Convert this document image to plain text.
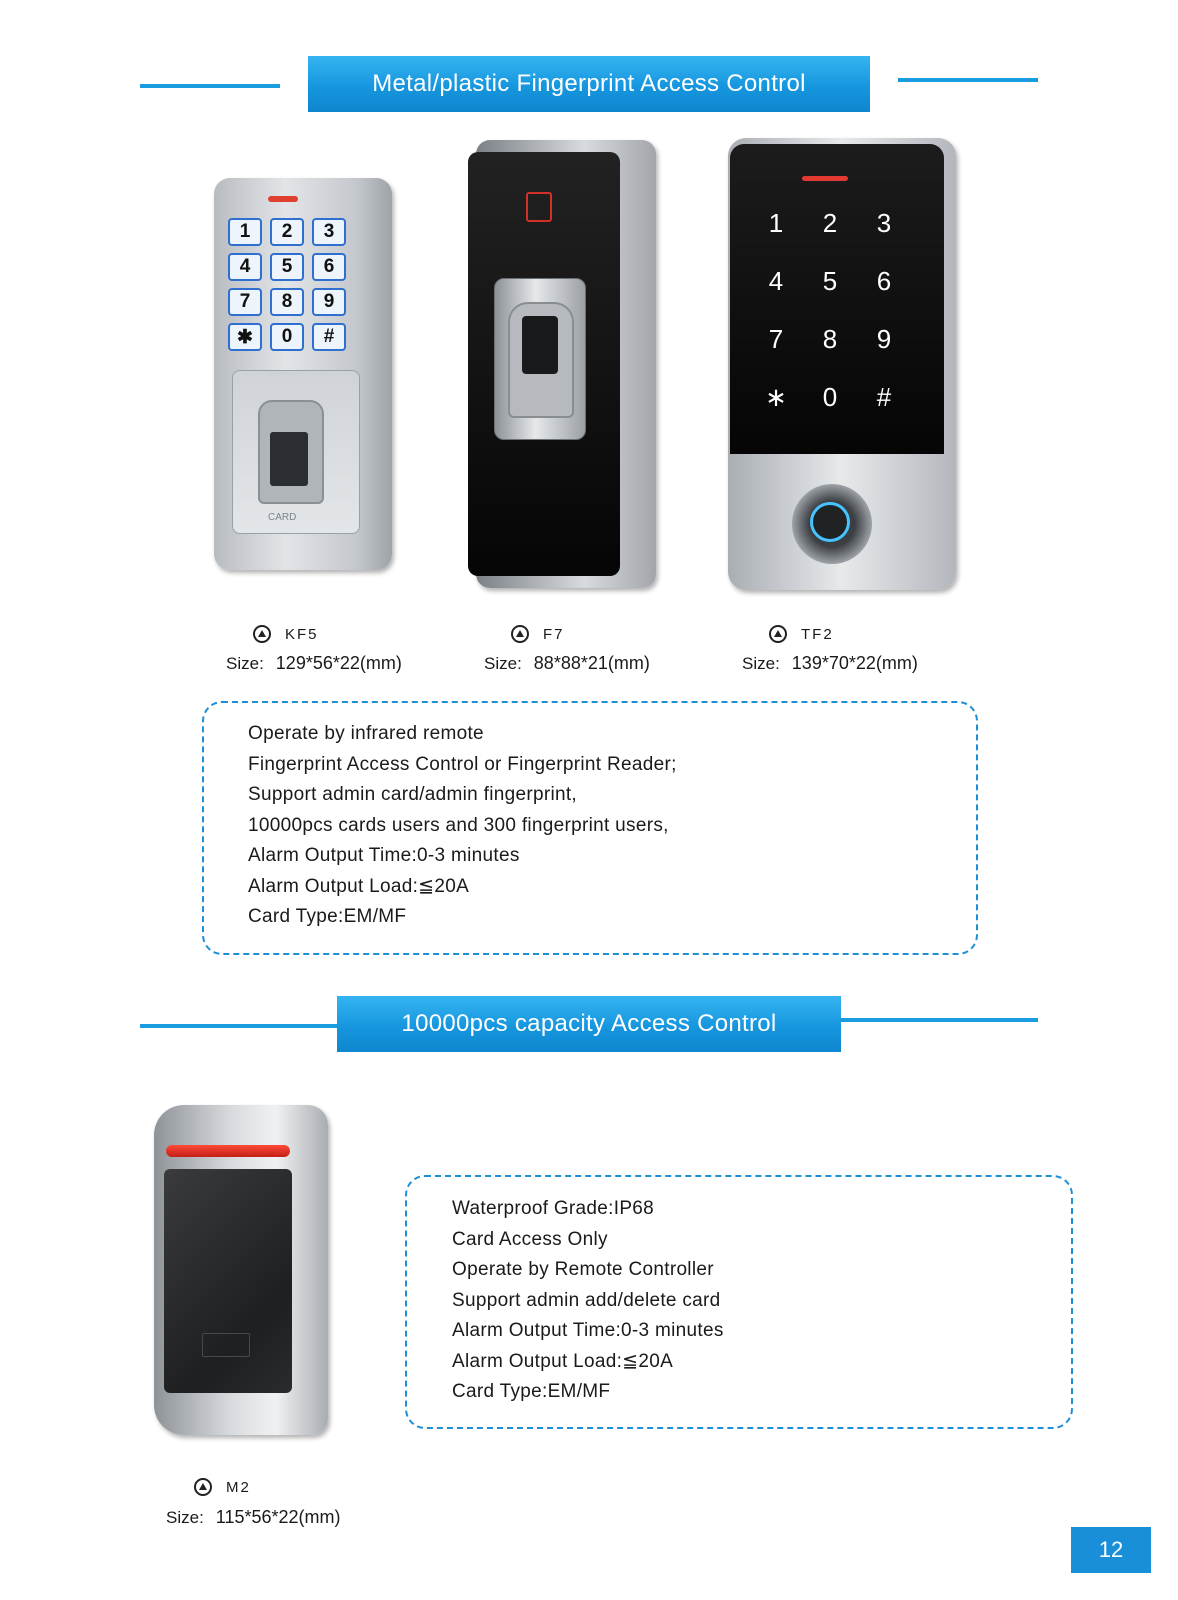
Metal/plastic Fingerprint Access Control
1	2	3
4	5	6
7	8	9
✱	0	#
CARD
1	2	3
4	5	6
7	8	9
∗	0	#
KF5
Size: 129*56*22(mm)
F7
Size: 88*88*21(mm)
TF2
Size: 139*70*22(mm)
Operate by infrared remote
Fingerprint Access Control or Fingerprint Reader;
Support admin card/admin fingerprint,
10000pcs cards users and 300 fingerprint users,
Alarm Output Time:0-3 minutes
Alarm Output Load:≦20A
Card Type:EM/MF
10000pcs capacity Access Control
M2
Size: 115*56*22(mm)
Waterproof Grade:IP68
Card Access Only
Operate by Remote Controller
Support admin add/delete card
Alarm Output Time:0-3 minutes
Alarm Output Load:≦20A
Card Type:EM/MF
12
